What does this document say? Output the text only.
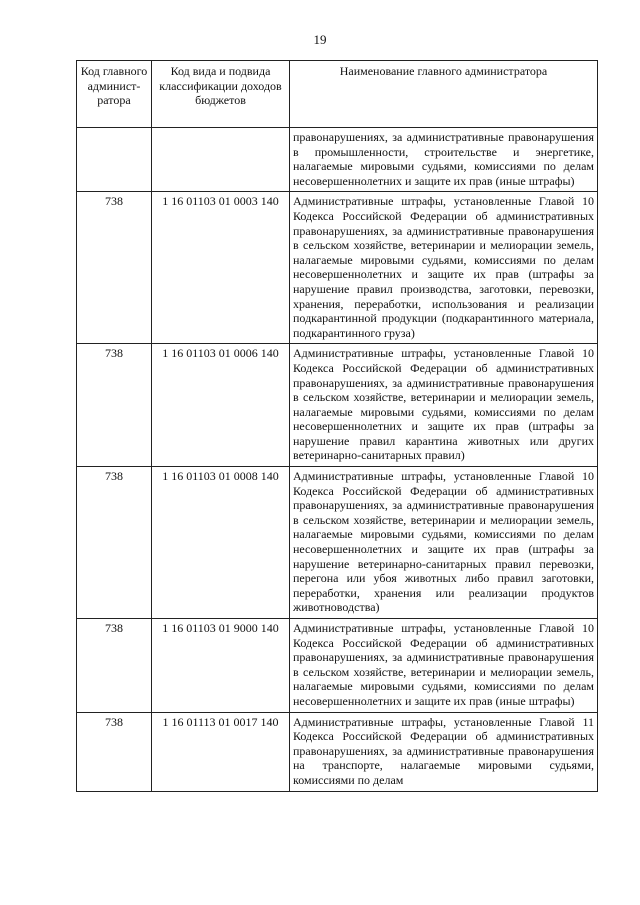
19
Код главного админист-ратора	Код вида и подвида классификации доходов бюджетов	Наименование главного администратора
		правонарушениях, за административные правонарушения в промышленности, строительстве и энергетике, налагаемые мировыми судьями, комиссиями по делам несовершеннолетних и защите их прав (иные штрафы)
738	1 16 01103 01 0003 140	Административные штрафы, установленные Главой 10 Кодекса Российской Федерации об административных правонарушениях, за административные правонарушения в сельском хозяйстве, ветеринарии и мелиорации земель, налагаемые мировыми судьями, комиссиями по делам несовершеннолетних и защите их прав (штрафы за нарушение правил производства, заготовки, перевозки, хранения, переработки, использования и реализации подкарантинной продукции (подкарантинного материала, подкарантинного груза)
738	1 16 01103 01 0006 140	Административные штрафы, установленные Главой 10 Кодекса Российской Федерации об административных правонарушениях, за административные правонарушения в сельском хозяйстве, ветеринарии и мелиорации земель, налагаемые мировыми судьями, комиссиями по делам несовершеннолетних и защите их прав (штрафы за нарушение правил карантина животных или других ветеринарно-санитарных правил)
738	1 16 01103 01 0008 140	Административные штрафы, установленные Главой 10 Кодекса Российской Федерации об административных правонарушениях, за административные правонарушения в сельском хозяйстве, ветеринарии и мелиорации земель, налагаемые мировыми судьями, комиссиями по делам несовершеннолетних и защите их прав (штрафы за нарушение ветеринарно-санитарных правил перевозки, перегона или убоя животных либо правил заготовки, переработки, хранения или реализации продуктов животноводства)
738	1 16 01103 01 9000 140	Административные штрафы, установленные Главой 10 Кодекса Российской Федерации об административных правонарушениях, за административные правонарушения в сельском хозяйстве, ветеринарии и мелиорации земель, налагаемые мировыми судьями, комиссиями по делам несовершеннолетних и защите их прав (иные штрафы)
738	1 16 01113 01 0017 140	Административные штрафы, установленные Главой 11 Кодекса Российской Федерации об административных правонарушениях, за административные правонарушения на транспорте, налагаемые мировыми судьями, комиссиями по делам
